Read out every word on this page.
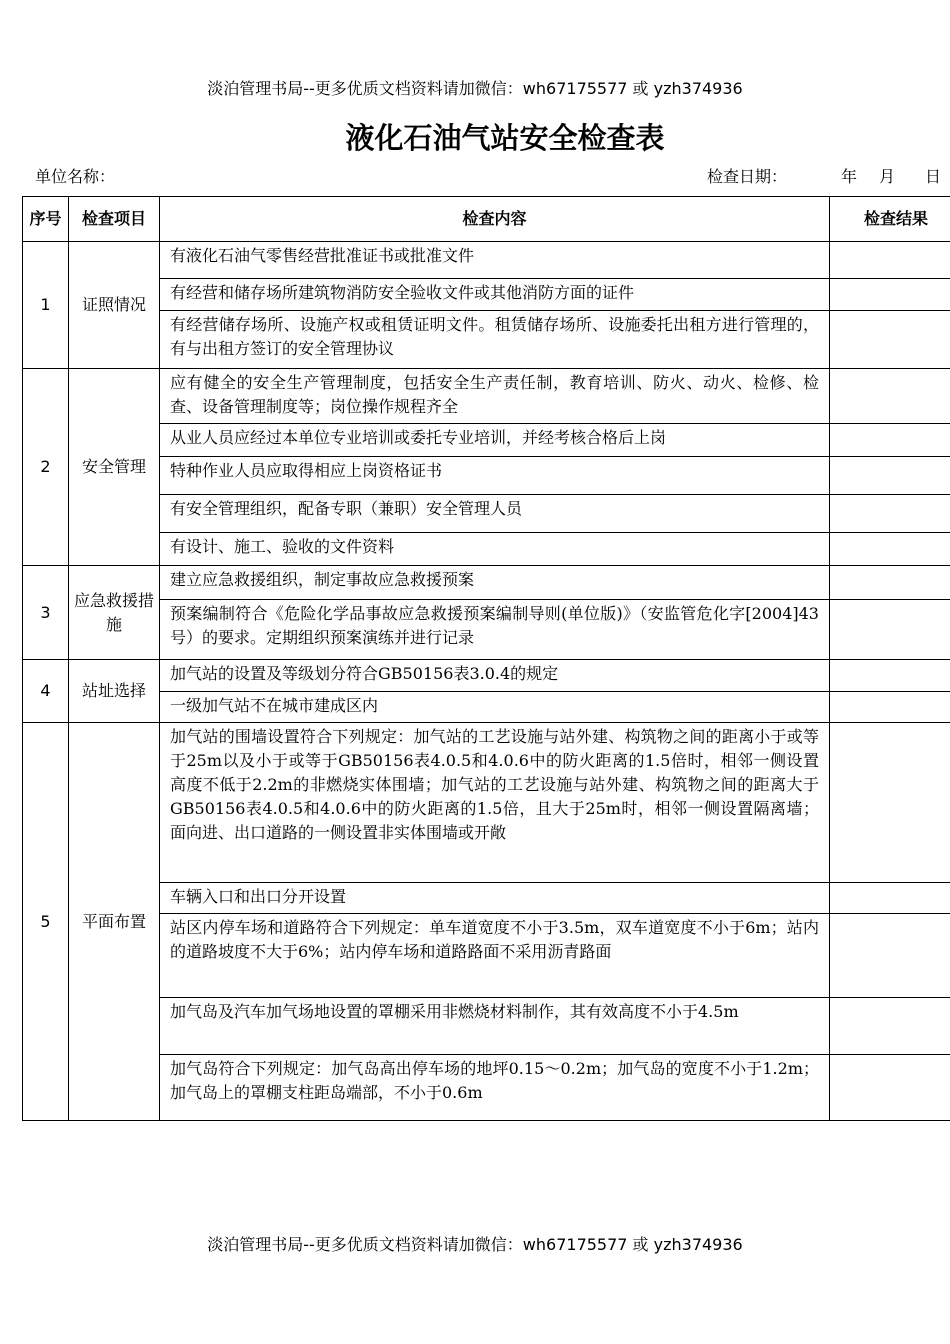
淡泊管理书局--更多优质文档资料请加微信：wh67175577 或 yzh374936
液化石油气站安全检查表
单位名称：	检查日期：	年 月 日
序号	检查项目	检查内容	检查结果
1	证照情况	有液化石油气零售经营批准证书或批准文件	
		有经营和储存场所建筑物消防安全验收文件或其他消防方面的证件	
		有经营储存场所、设施产权或租赁证明文件。租赁储存场所、设施委托出租方进行管理的，有与出租方签订的安全管理协议	
2	安全管理	应有健全的安全生产管理制度，包括安全生产责任制，教育培训、防火、动火、检修、检查、设备管理制度等；岗位操作规程齐全	
		从业人员应经过本单位专业培训或委托专业培训，并经考核合格后上岗	
		特种作业人员应取得相应上岗资格证书	
		有安全管理组织，配备专职（兼职）安全管理人员	
		有设计、施工、验收的文件资料	
3	应急救援措施	建立应急救援组织，制定事故应急救援预案	
		预案编制符合《危险化学品事故应急救援预案编制导则(单位版)》（安监管危化字[2004]43号）的要求。定期组织预案演练并进行记录	
4	站址选择	加气站的设置及等级划分符合GB50156表3.0.4的规定	
		一级加气站不在城市建成区内	
5	平面布置	加气站的围墙设置符合下列规定：加气站的工艺设施与站外建、构筑物之间的距离小于或等于25m以及小于或等于GB50156表4.0.5和4.0.6中的防火距离的1.5倍时，相邻一侧设置高度不低于2.2m的非燃烧实体围墙；加气站的工艺设施与站外建、构筑物之间的距离大于GB50156表4.0.5和4.0.6中的防火距离的1.5倍，且大于25m时，相邻一侧设置隔离墙；面向进、出口道路的一侧设置非实体围墙或开敞	
		车辆入口和出口分开设置	
		站区内停车场和道路符合下列规定：单车道宽度不小于3.5m，双车道宽度不小于6m；站内的道路坡度不大于6%；站内停车场和道路路面不采用沥青路面	
		加气岛及汽车加气场地设置的罩棚采用非燃烧材料制作，其有效高度不小于4.5m	
		加气岛符合下列规定：加气岛高出停车场的地坪0.15～0.2m；加气岛的宽度不小于1.2m；加气岛上的罩棚支柱距岛端部，不小于0.6m	
淡泊管理书局--更多优质文档资料请加微信：wh67175577 或 yzh374936
